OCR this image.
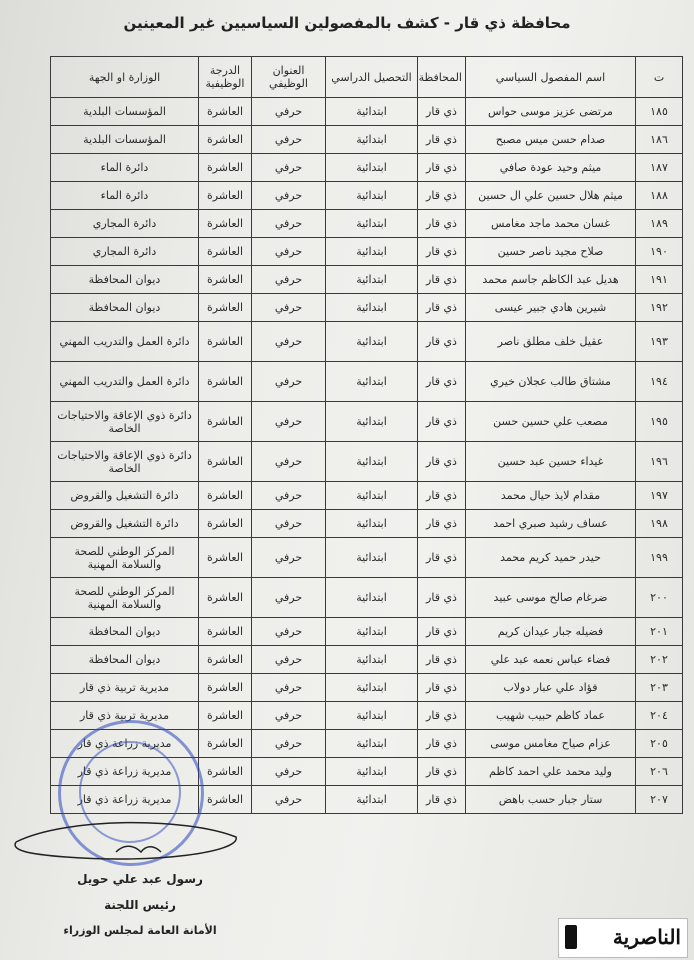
محافظة ذي قار - كشف بالمفصولين السياسيين غير المعينين
ت	اسم المفصول السياسي	المحافظة	التحصيل الدراسي	العنوان الوظيفي	الدرجة الوظيفية	الوزارة او الجهة
١٨٥	مرتضى عزيز موسى حواس	ذي قار	ابتدائية	حرفي	العاشرة	المؤسسات البلدية
١٨٦	صدام حسن ميس مصبح	ذي قار	ابتدائية	حرفي	العاشرة	المؤسسات البلدية
١٨٧	ميثم وحيد عودة صافي	ذي قار	ابتدائية	حرفي	العاشرة	دائرة الماء
١٨٨	ميثم هلال حسين علي ال حسين	ذي قار	ابتدائية	حرفي	العاشرة	دائرة الماء
١٨٩	غسان محمد ماجد مغامس	ذي قار	ابتدائية	حرفي	العاشرة	دائرة المجاري
١٩٠	صلاح مجيد ناصر حسين	ذي قار	ابتدائية	حرفي	العاشرة	دائرة المجاري
١٩١	هديل عبد الكاظم جاسم محمد	ذي قار	ابتدائية	حرفي	العاشرة	ديوان المحافظة
١٩٢	شيرين هادي جبير عيسى	ذي قار	ابتدائية	حرفي	العاشرة	ديوان المحافظة
١٩٣	عقيل خلف مطلق ناصر	ذي قار	ابتدائية	حرفي	العاشرة	دائرة العمل والتدريب المهني
١٩٤	مشتاق طالب عجلان خيري	ذي قار	ابتدائية	حرفي	العاشرة	دائرة العمل والتدريب المهني
١٩٥	مصعب علي حسين حسن	ذي قار	ابتدائية	حرفي	العاشرة	دائرة ذوي الإعاقة والاحتياجات الخاصة
١٩٦	غيداء حسين عبد حسين	ذي قار	ابتدائية	حرفي	العاشرة	دائرة ذوي الإعاقة والاحتياجات الخاصة
١٩٧	مقدام لايذ حيال محمد	ذي قار	ابتدائية	حرفي	العاشرة	دائرة التشغيل والقروض
١٩٨	عساف رشيد صبري احمد	ذي قار	ابتدائية	حرفي	العاشرة	دائرة التشغيل والقروض
١٩٩	حيدر حميد كريم محمد	ذي قار	ابتدائية	حرفي	العاشرة	المركز الوطني للصحة والسلامة المهنية
٢٠٠	ضرغام صالح موسى عبيد	ذي قار	ابتدائية	حرفي	العاشرة	المركز الوطني للصحة والسلامة المهنية
٢٠١	فضيله جبار عيدان كريم	ذي قار	ابتدائية	حرفي	العاشرة	ديوان المحافظة
٢٠٢	فضاء عباس نعمه عبد علي	ذي قار	ابتدائية	حرفي	العاشرة	ديوان المحافظة
٢٠٣	فؤاد علي عبار دولاب	ذي قار	ابتدائية	حرفي	العاشرة	مديرية تربية ذي قار
٢٠٤	عماد كاظم حبيب شهيب	ذي قار	ابتدائية	حرفي	العاشرة	مديرية تربية ذي قار
٢٠٥	عزام صياح مغامس موسى	ذي قار	ابتدائية	حرفي	العاشرة	مديرية زراعة ذي قار
٢٠٦	وليد محمد علي احمد كاظم	ذي قار	ابتدائية	حرفي	العاشرة	مديرية زراعة ذي قار
٢٠٧	ستار جبار حسب باهض	ذي قار	ابتدائية	حرفي	العاشرة	مديرية زراعة ذي قار
رسول عبد علي حويل
رئيس اللجنة
الأمانة العامة لمجلس الوزراء	الناصرية
